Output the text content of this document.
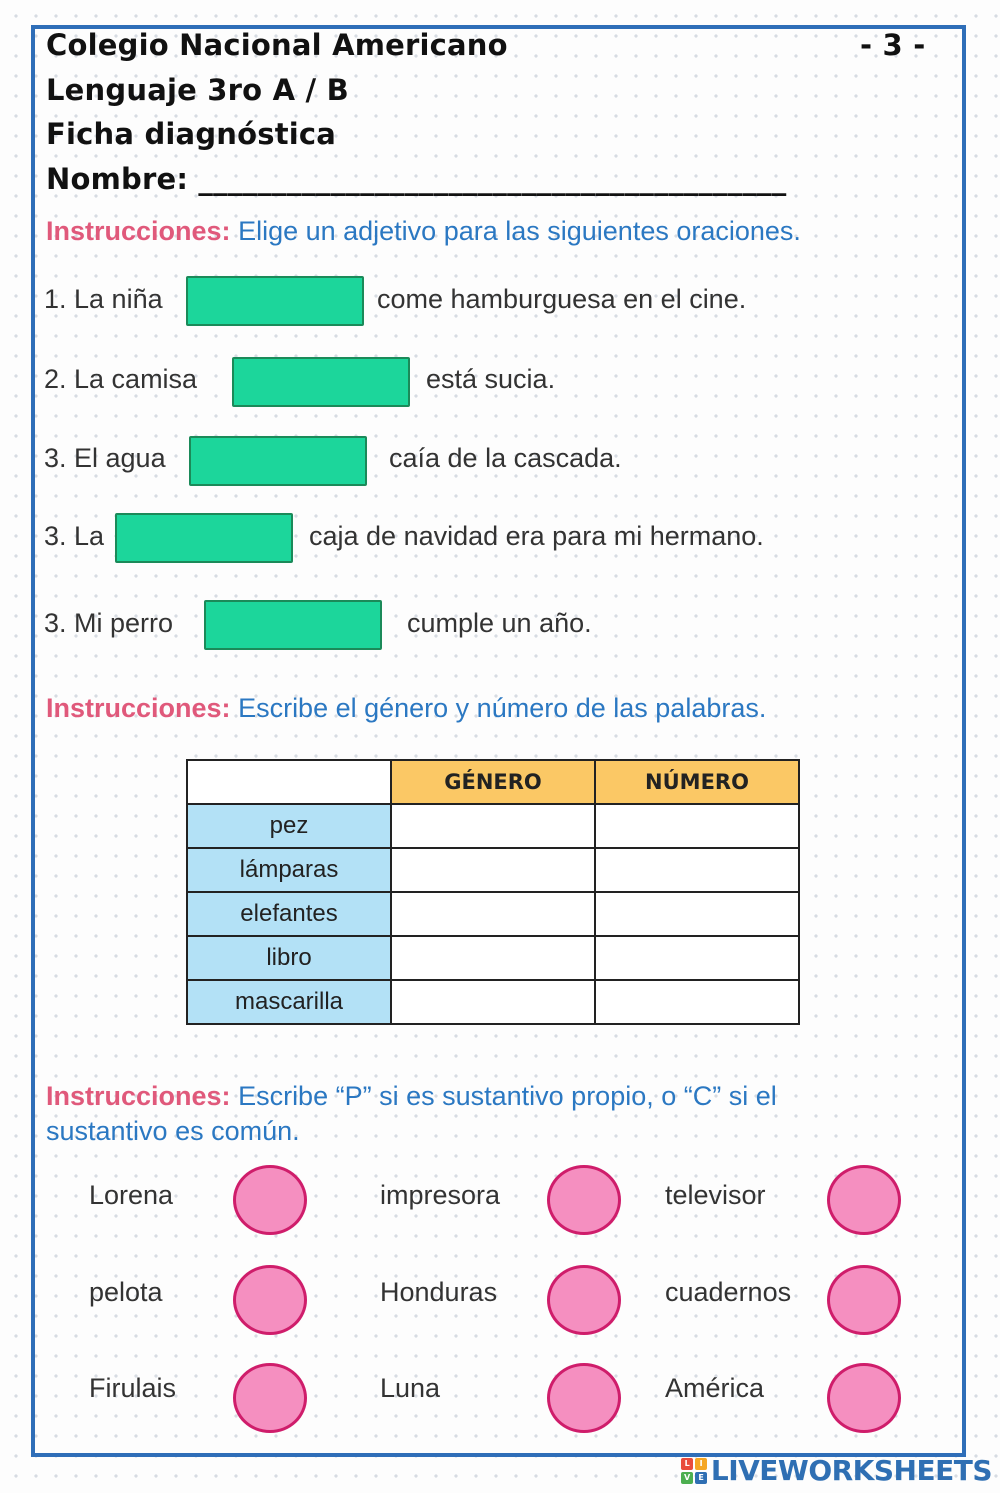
Colegio Nacional Americano	- 3 -
Lenguaje 3ro A / B
Ficha diagnóstica
Nombre: ________________________________________
Instrucciones: Elige un adjetivo para las siguientes oraciones.
1. La niña	come hamburguesa en el cine.
2. La camisa	está sucia.
3. El agua	caía de la cascada.
3. La	caja de navidad era para mi hermano.
3. Mi perro	cumple un año.
Instrucciones: Escribe el género y número de las palabras.
	GÉNERO	NÚMERO
pez		
lámparas		
elefantes		
libro		
mascarilla		
Instrucciones: Escribe “P” si es sustantivo propio, o “C” si el
sustantivo es común.
Lorena	impresora	televisor
pelota	Honduras	cuadernos
Firulais	Luna	América
L	I
V	E LIVEWORKSHEETS
